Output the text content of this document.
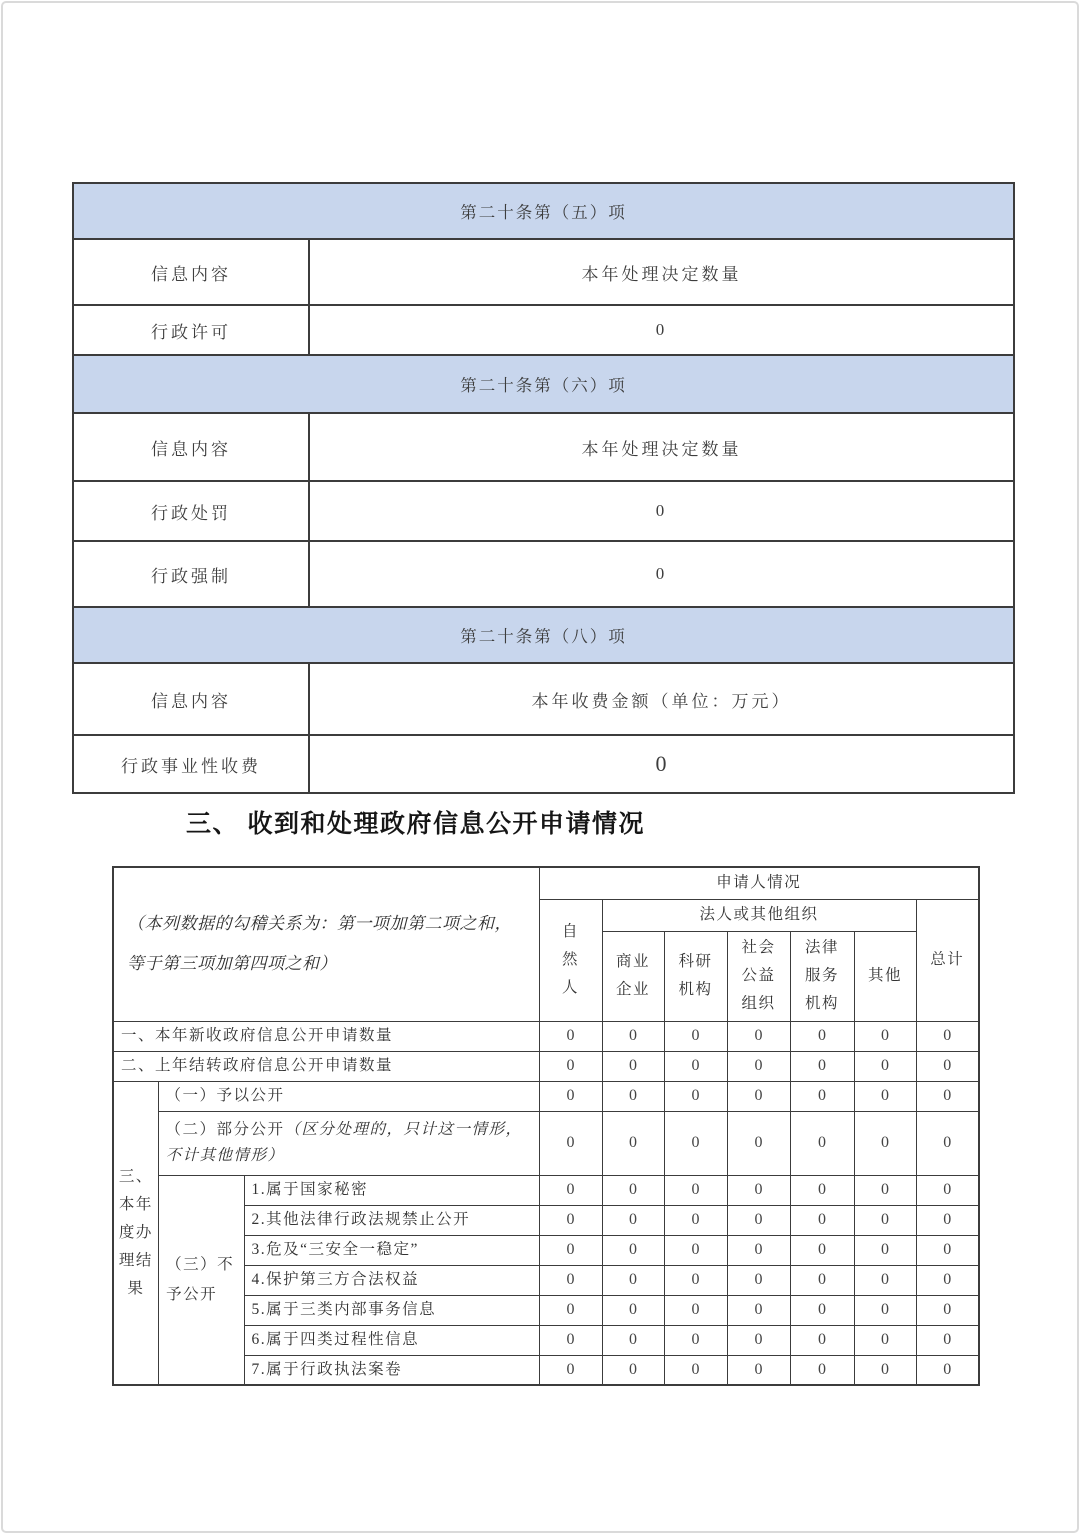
第二十条第（五）项	
信息内容	本年处理决定数量
行政许可	0
第二十条第（六）项	
信息内容	本年处理决定数量
行政处罚	0
行政强制	0
第二十条第（八）项	
信息内容	本年收费金额（单位：万元）
行政事业性收费	0
三、 收到和处理政府信息公开申请情况
（本列数据的勾稽关系为：第一项加第二项之和，等于第三项加第四项之和）			申请人情况						
			自然人	法人或其他组织					总计
				商业企业	科研机构	社会公益组织	法律服务机构	其他	
一、本年新收政府信息公开申请数量			0	0	0	0	0	0	0
二、上年结转政府信息公开申请数量			0	0	0	0	0	0	0
三、本年度办理结果	（一）予以公开		0	0	0	0	0	0	0
	（二）部分公开（区分处理的，只计这一情形，不计其他情形）		0	0	0	0	0	0	0
	（三）不予公开	1.属于国家秘密	0	0	0	0	0	0	0
		2.其他法律行政法规禁止公开	0	0	0	0	0	0	0
		3.危及“三安全一稳定”	0	0	0	0	0	0	0
		4.保护第三方合法权益	0	0	0	0	0	0	0
		5.属于三类内部事务信息	0	0	0	0	0	0	0
		6.属于四类过程性信息	0	0	0	0	0	0	0
		7.属于行政执法案卷	0	0	0	0	0	0	0
